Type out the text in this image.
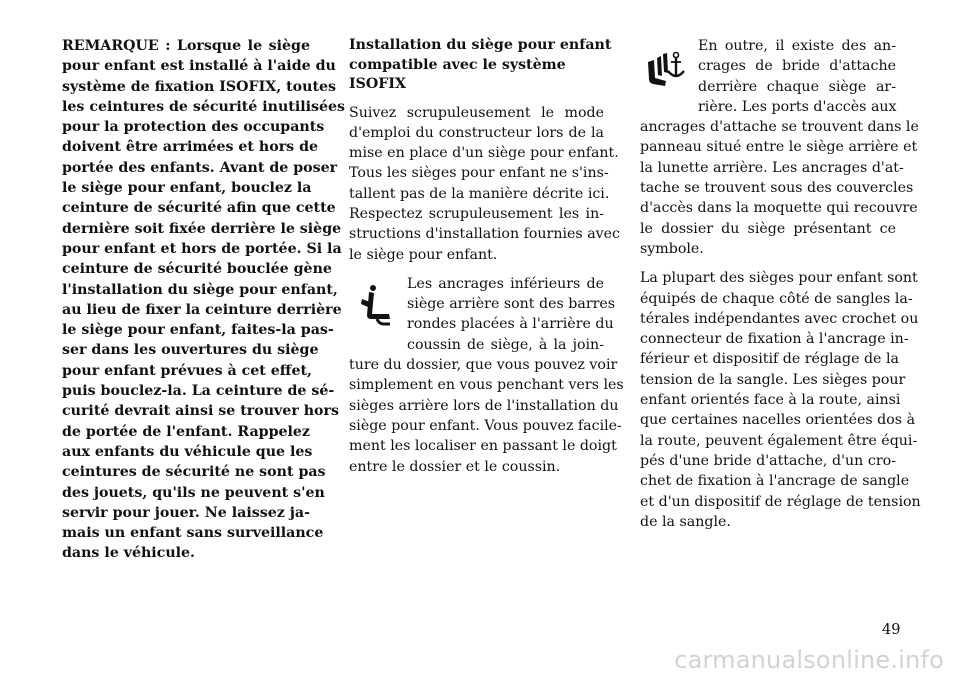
REMARQUE : Lorsque le siège
pour enfant est installé à l'aide du
système de fixation ISOFIX, toutes
les ceintures de sécurité inutilisées
pour la protection des occupants
doivent être arrimées et hors de
portée des enfants. Avant de poser
le siège pour enfant, bouclez la
ceinture de sécurité afin que cette
dernière soit fixée derrière le siège
pour enfant et hors de portée. Si la
ceinture de sécurité bouclée gène
l'installation du siège pour enfant,
au lieu de fixer la ceinture derrière
le siège pour enfant, faites-la pas-
ser dans les ouvertures du siège
pour enfant prévues à cet effet,
puis bouclez-la. La ceinture de sé-
curité devrait ainsi se trouver hors
de portée de l'enfant. Rappelez
aux enfants du véhicule que les
ceintures de sécurité ne sont pas
des jouets, qu'ils ne peuvent s'en
servir pour jouer. Ne laissez ja-
mais un enfant sans surveillance
dans le véhicule.

Installation du siège pour enfant
compatible avec le système
ISOFIX

Suivez scrupuleusement le mode
d'emploi du constructeur lors de la
mise en place d'un siège pour enfant.
Tous les sièges pour enfant ne s'ins-
tallent pas de la manière décrite ici.
Respectez scrupuleusement les in-
structions d'installation fournies avec
le siège pour enfant.

Les ancrages inférieurs de
siège arrière sont des barres
rondes placées à l'arrière du
coussin de siège, à la join-
ture du dossier, que vous pouvez voir
simplement en vous penchant vers les
sièges arrière lors de l'installation du
siège pour enfant. Vous pouvez facile-
ment les localiser en passant le doigt
entre le dossier et le coussin.

En outre, il existe des an-
crages de bride d'attache
derrière chaque siège ar-
rière. Les ports d'accès aux
ancrages d'attache se trouvent dans le
panneau situé entre le siège arrière et
la lunette arrière. Les ancrages d'at-
tache se trouvent sous des couvercles
d'accès dans la moquette qui recouvre
le dossier du siège présentant ce
symbole.

La plupart des sièges pour enfant sont
équipés de chaque côté de sangles la-
térales indépendantes avec crochet ou
connecteur de fixation à l'ancrage in-
férieur et dispositif de réglage de la
tension de la sangle. Les sièges pour
enfant orientés face à la route, ainsi
que certaines nacelles orientées dos à
la route, peuvent également être équi-
pés d'une bride d'attache, d'un cro-
chet de fixation à l'ancrage de sangle
et d'un dispositif de réglage de tension
de la sangle.

49
carmanualsonline.info
